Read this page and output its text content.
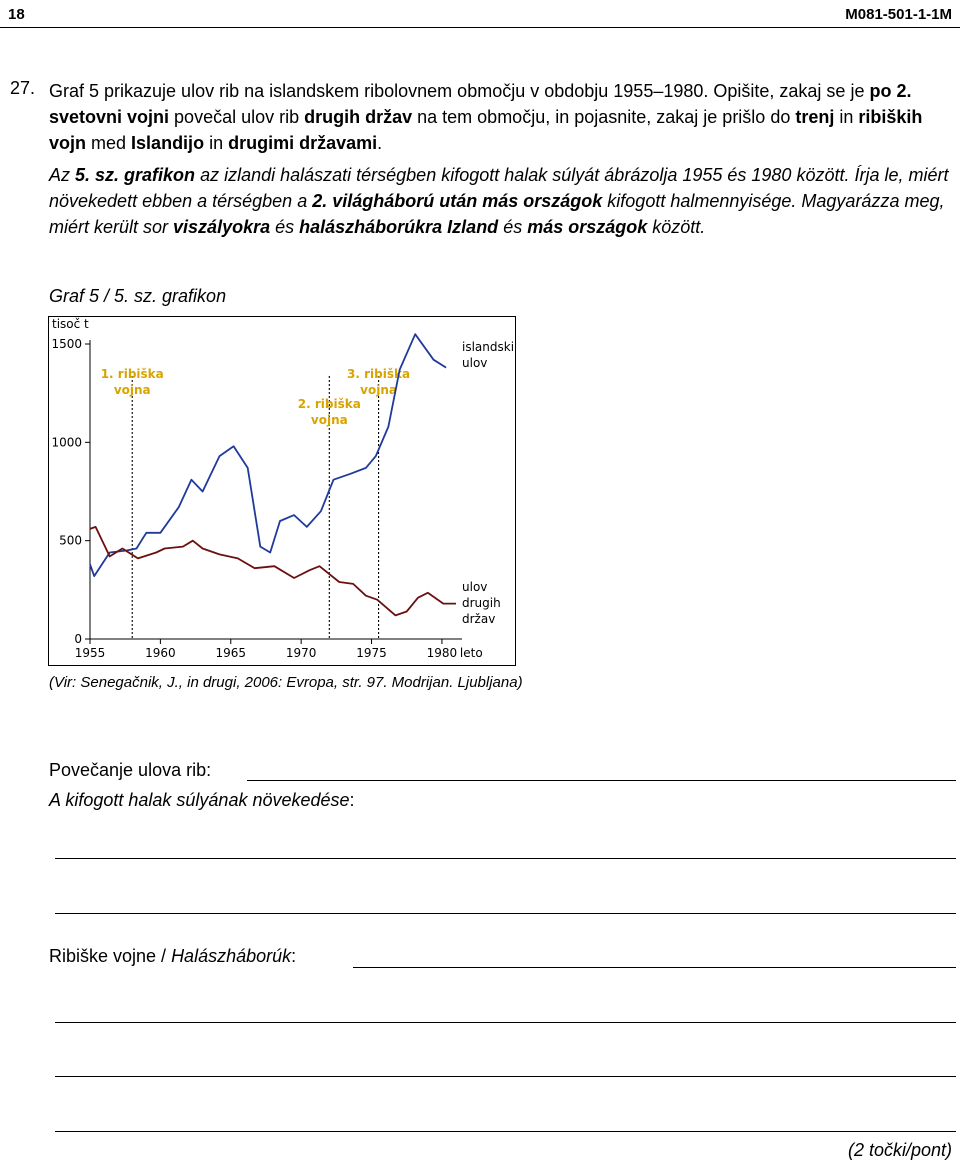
18	M081-501-1-1M
27. Graf 5 prikazuje ulov rib na islandskem ribolovnem območju v obdobju 1955–1980. Opišite, zakaj se je po 2. svetovni vojni povečal ulov rib drugih držav na tem območju, in pojasnite, zakaj je prišlo do trenj in ribiških vojn med Islandijo in drugimi državami.
Az 5. sz. grafikon az izlandi halászati térségben kifogott halak súlyát ábrázolja 1955 és 1980 között. Írja le, miért növekedett ebben a térségben a 2. világháború után más országok kifogott halmennyisége. Magyarázza meg, miért került sor viszályokra és halászháborúkra Izland és más országok között.
Graf 5 / 5. sz. grafikon
tisoč t
0
500
1000
1500
1955	1960	1965	1970	1975	1980 leto
1. ribiška
vojna
2. ribiška
vojna
3. ribiška
vojna
islandski
ulov
ulov
drugih
držav
(Vir: Senegačnik, J., in drugi, 2006: Evropa, str. 97. Modrijan. Ljubljana)
Povečanje ulova rib:
A kifogott halak súlyának növekedése:
Ribiške vojne / Halászháborúk:
(2 točki/pont)
